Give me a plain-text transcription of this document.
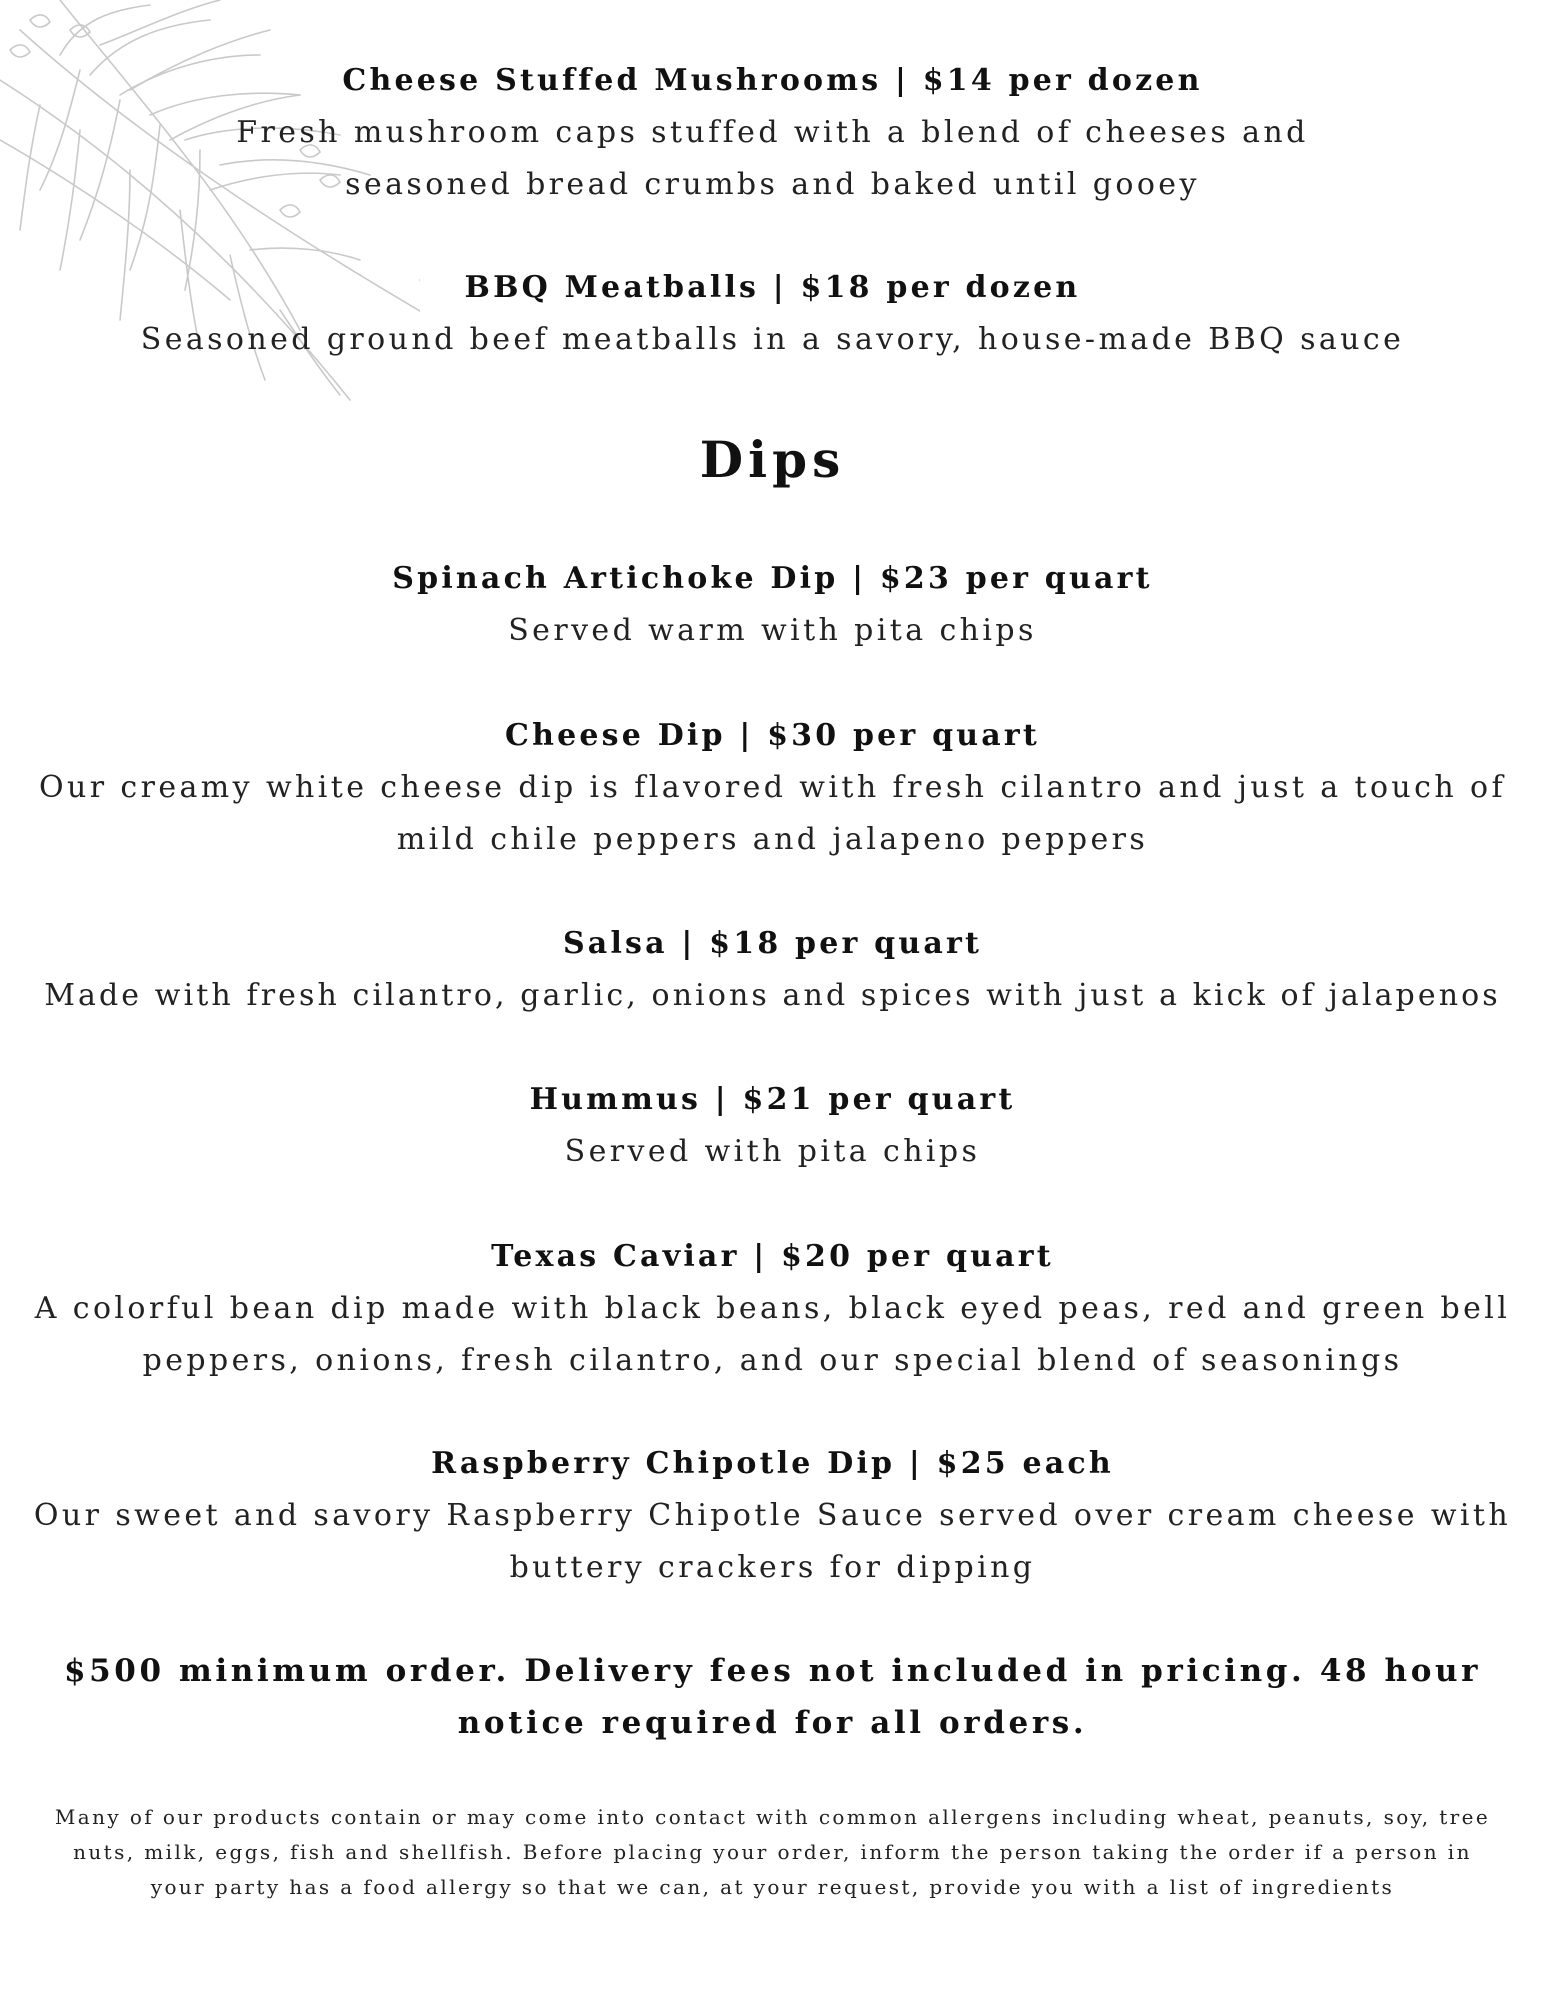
Cheese Stuffed Mushrooms | $14 per dozen

Fresh mushroom caps stuffed with a blend of cheeses and seasoned bread crumbs and baked until gooey

BBQ Meatballs | $18 per dozen

Seasoned ground beef meatballs in a savory, house-made BBQ sauce

Dips

Spinach Artichoke Dip | $23 per quart

Served warm with pita chips

Cheese Dip | $30 per quart

Our creamy white cheese dip is flavored with fresh cilantro and just a touch of mild chile peppers and jalapeno peppers

Salsa | $18 per quart

Made with fresh cilantro, garlic, onions and spices with just a kick of jalapenos

Hummus | $21 per quart

Served with pita chips

Texas Caviar | $20 per quart

A colorful bean dip made with black beans, black eyed peas, red and green bell peppers, onions, fresh cilantro, and our special blend of seasonings

Raspberry Chipotle Dip | $25 each

Our sweet and savory Raspberry Chipotle Sauce served over cream cheese with buttery crackers for dipping

$500 minimum order. Delivery fees not included in pricing. 48 hour notice required for all orders.

Many of our products contain or may come into contact with common allergens including wheat, peanuts, soy, tree nuts, milk, eggs, fish and shellfish. Before placing your order, inform the person taking the order if a person in your party has a food allergy so that we can, at your request, provide you with a list of ingredients
